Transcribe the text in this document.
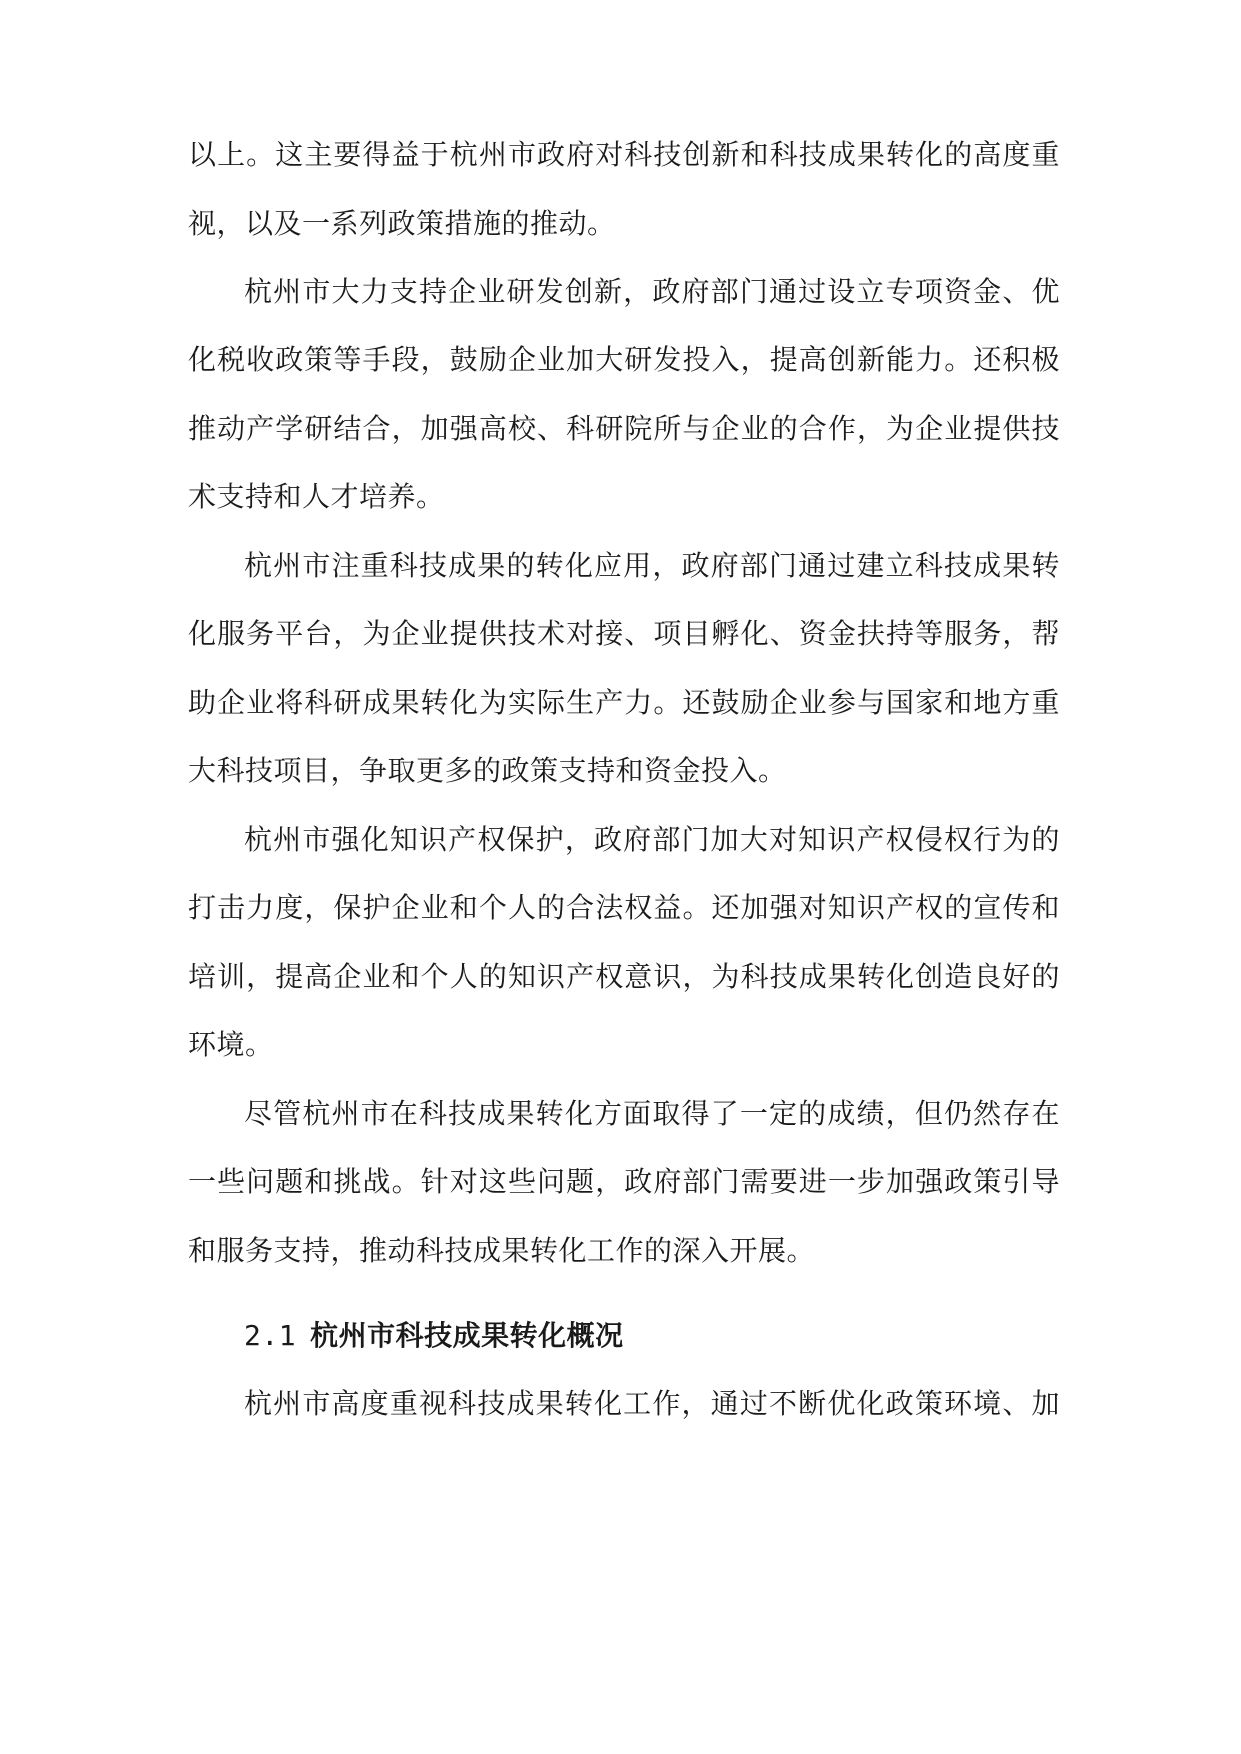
以上。这主要得益于杭州市政府对科技创新和科技成果转化的高度重
视，以及一系列政策措施的推动。
杭州市大力支持企业研发创新，政府部门通过设立专项资金、优
化税收政策等手段，鼓励企业加大研发投入，提高创新能力。还积极
推动产学研结合，加强高校、科研院所与企业的合作，为企业提供技
术支持和人才培养。
杭州市注重科技成果的转化应用，政府部门通过建立科技成果转
化服务平台，为企业提供技术对接、项目孵化、资金扶持等服务，帮
助企业将科研成果转化为实际生产力。还鼓励企业参与国家和地方重
大科技项目，争取更多的政策支持和资金投入。
杭州市强化知识产权保护，政府部门加大对知识产权侵权行为的
打击力度，保护企业和个人的合法权益。还加强对知识产权的宣传和
培训，提高企业和个人的知识产权意识，为科技成果转化创造良好的
环境。
尽管杭州市在科技成果转化方面取得了一定的成绩，但仍然存在
一些问题和挑战。针对这些问题，政府部门需要进一步加强政策引导
和服务支持，推动科技成果转化工作的深入开展。
2.1 杭州市科技成果转化概况
杭州市高度重视科技成果转化工作，通过不断优化政策环境、加
